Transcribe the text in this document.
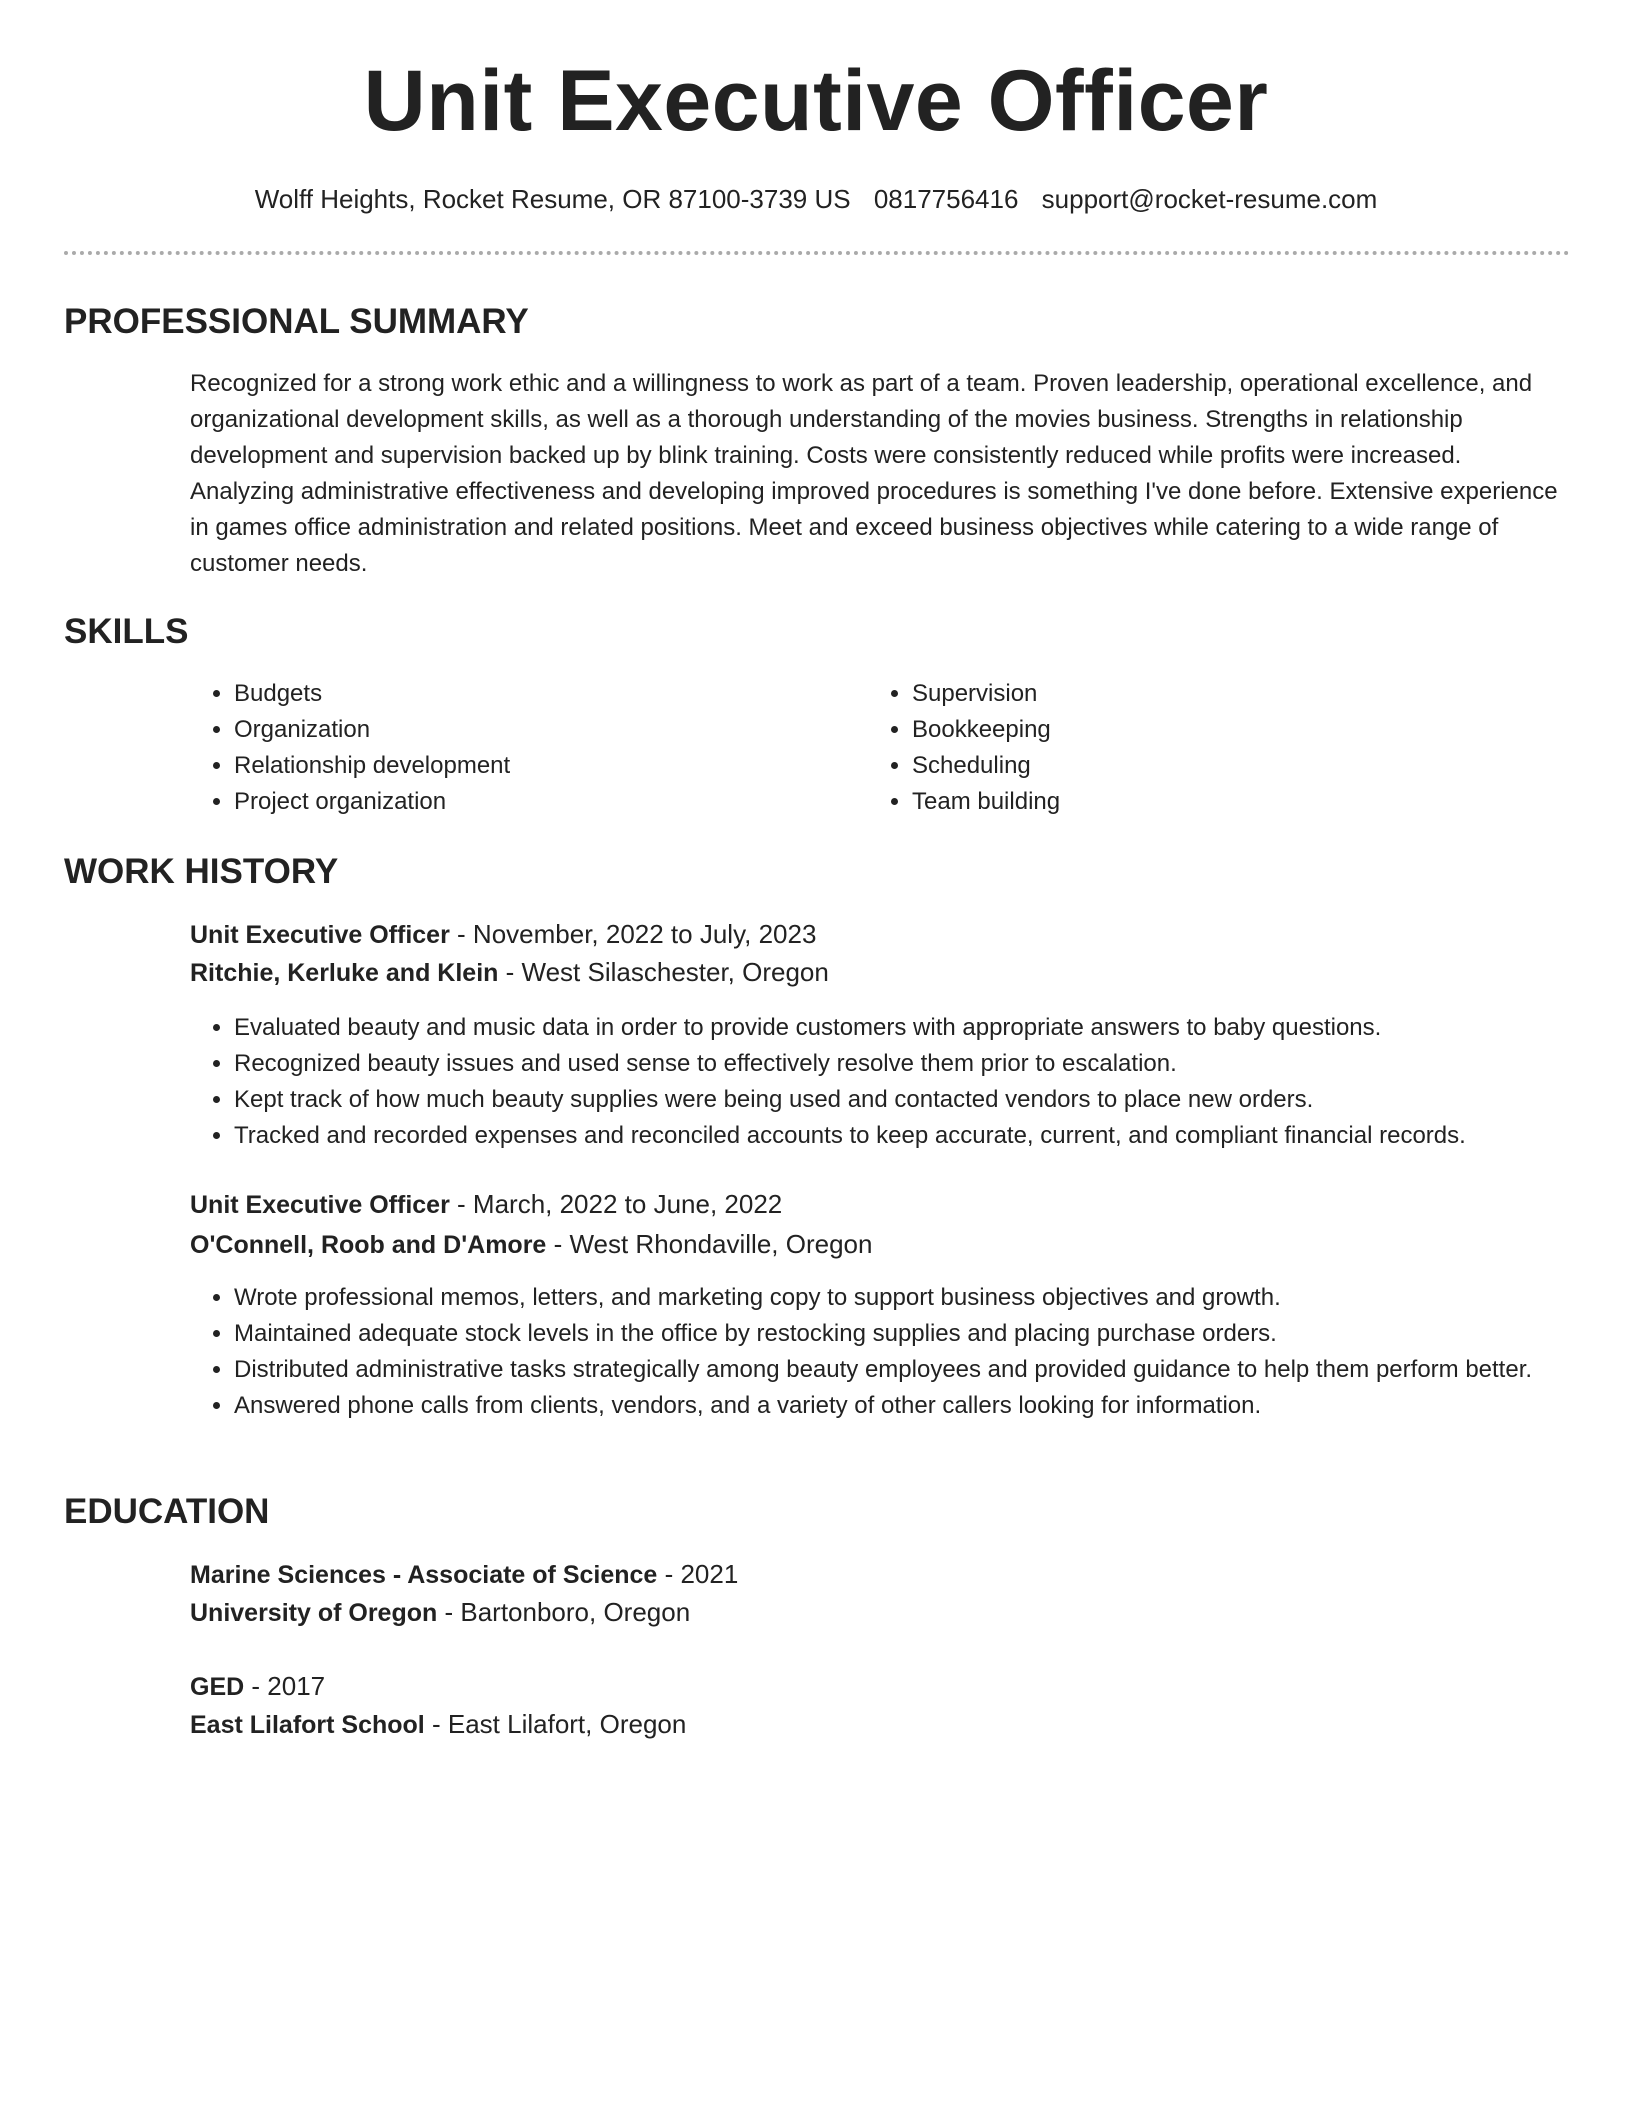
Unit Executive Officer
Wolff Heights, Rocket Resume, OR 87100-3739 US 0817756416 support@rocket-resume.com
PROFESSIONAL SUMMARY

Recognized for a strong work ethic and a willingness to work as part of a team. Proven leadership, operational excellence, and organizational development skills, as well as a thorough understanding of the movies business. Strengths in relationship development and supervision backed up by blink training. Costs were consistently reduced while profits were increased. Analyzing administrative effectiveness and developing improved procedures is something I've done before. Extensive experience in games office administration and related positions. Meet and exceed business objectives while catering to a wide range of customer needs.

SKILLS
• Budgets
• Organization
• Relationship development
• Project organization
• Supervision
• Bookkeeping
• Scheduling
• Team building
WORK HISTORY
Unit Executive Officer - November, 2022 to July, 2023
Ritchie, Kerluke and Klein - West Silaschester, Oregon
• Evaluated beauty and music data in order to provide customers with appropriate answers to baby questions.
• Recognized beauty issues and used sense to effectively resolve them prior to escalation.
• Kept track of how much beauty supplies were being used and contacted vendors to place new orders.
• Tracked and recorded expenses and reconciled accounts to keep accurate, current, and compliant financial records.
Unit Executive Officer - March, 2022 to June, 2022
O'Connell, Roob and D'Amore - West Rhondaville, Oregon
• Wrote professional memos, letters, and marketing copy to support business objectives and growth.
• Maintained adequate stock levels in the office by restocking supplies and placing purchase orders.
• Distributed administrative tasks strategically among beauty employees and provided guidance to help them perform better.
• Answered phone calls from clients, vendors, and a variety of other callers looking for information.
EDUCATION
Marine Sciences - Associate of Science - 2021
University of Oregon - Bartonboro, Oregon
GED - 2017
East Lilafort School - East Lilafort, Oregon
